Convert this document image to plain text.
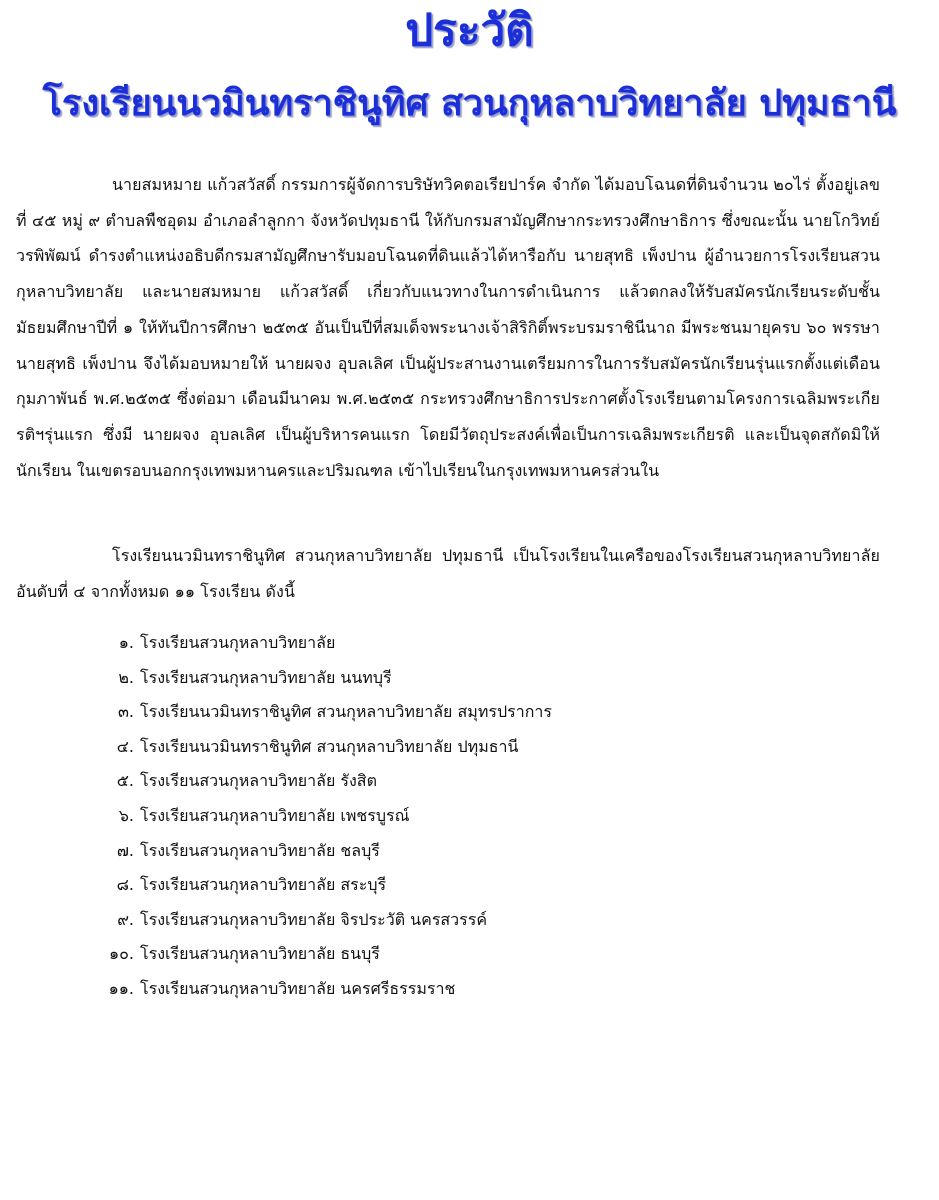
ประวัติ
โรงเรียนนวมินทราชินูทิศ สวนกุหลาบวิทยาลัย ปทุมธานี

นายสมหมาย แก้วสวัสดิ์ กรรมการผู้จัดการบริษัทวิคตอเรียปาร์ค จำกัด ได้มอบโฉนดที่ดินจำนวน ๒๐ไร่ ตั้งอยู่เลขที่ ๔๕ หมู่ ๙ ตำบลพืชอุดม อำเภอลำลูกกา จังหวัดปทุมธานี ให้กับกรมสามัญศึกษากระทรวงศึกษาธิการ ซึ่งขณะนั้น นายโกวิทย์ วรพิพัฒน์ ดำรงตำแหน่งอธิบดีกรมสามัญศึกษารับมอบโฉนดที่ดินแล้วได้หารือกับ นายสุทธิ เพ็งปาน ผู้อำนวยการโรงเรียนสวนกุหลาบวิทยาลัย และนายสมหมาย แก้วสวัสดิ์ เกี่ยวกับแนวทางในการดำเนินการ แล้วตกลงให้รับสมัครนักเรียนระดับชั้นมัธยมศึกษาปีที่ ๑ ให้ทันปีการศึกษา ๒๕๓๕ อันเป็นปีที่สมเด็จพระนางเจ้าสิริกิติ์พระบรมราชินีนาถ มีพระชนมายุครบ ๖๐ พรรษา นายสุทธิ เพ็งปาน จึงได้มอบหมายให้ นายผจง อุบลเลิศ เป็นผู้ประสานงานเตรียมการในการรับสมัครนักเรียนรุ่นแรกตั้งแต่เดือนกุมภาพันธ์ พ.ศ.๒๕๓๕ ซึ่งต่อมา เดือนมีนาคม พ.ศ.๒๕๓๕ กระทรวงศึกษาธิการประกาศตั้งโรงเรียนตามโครงการเฉลิมพระเกียรติฯรุ่นแรก ซึ่งมี นายผจง อุบลเลิศ เป็นผู้บริหารคนแรก โดยมีวัตถุประสงค์เพื่อเป็นการเฉลิมพระเกียรติ และเป็นจุดสกัดมิให้นักเรียน ในเขตรอบนอกกรุงเทพมหานครและปริมณฑล เข้าไปเรียนในกรุงเทพมหานครส่วนใน

โรงเรียนนวมินทราชินูทิศ สวนกุหลาบวิทยาลัย ปทุมธานี เป็นโรงเรียนในเครือของโรงเรียนสวนกุหลาบวิทยาลัย อันดับที่ ๔ จากทั้งหมด ๑๑ โรงเรียน ดังนี้

๑. โรงเรียนสวนกุหลาบวิทยาลัย
๒. โรงเรียนสวนกุหลาบวิทยาลัย นนทบุรี
๓. โรงเรียนนวมินทราชินูทิศ สวนกุหลาบวิทยาลัย สมุทรปราการ
๔. โรงเรียนนวมินทราชินูทิศ สวนกุหลาบวิทยาลัย ปทุมธานี
๕. โรงเรียนสวนกุหลาบวิทยาลัย รังสิต
๖. โรงเรียนสวนกุหลาบวิทยาลัย เพชรบูรณ์
๗. โรงเรียนสวนกุหลาบวิทยาลัย ชลบุรี
๘. โรงเรียนสวนกุหลาบวิทยาลัย สระบุรี
๙. โรงเรียนสวนกุหลาบวิทยาลัย จิรประวัติ นครสวรรค์
๑๐. โรงเรียนสวนกุหลาบวิทยาลัย ธนบุรี
๑๑. โรงเรียนสวนกุหลาบวิทยาลัย นครศรีธรรมราช
